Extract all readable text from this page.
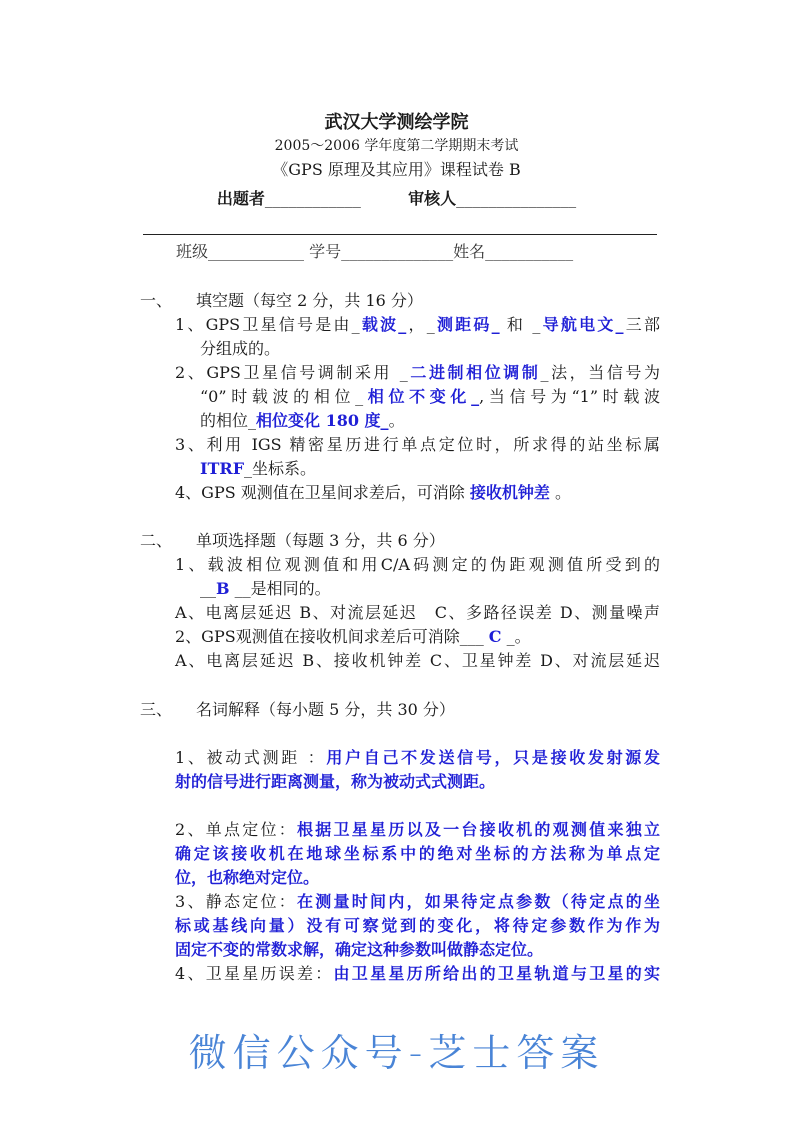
武汉大学测绘学院
2005～2006 学年度第二学期期末考试
《GPS 原理及其应用》课程试卷 B
出题者____________	审核人_______________
班级____________ 学号______________姓名___________
一、　　填空题（每空 2 分，共 16 分）
1、GPS卫星信号是由_载波_，_测距码_ 和 _导航电文_三部
分组成的。
2、GPS卫星信号调制采用 _二进制相位调制_法，当信号为
“0”时载波的相位_相位不变化_,当信号为“1”时载波
的相位_相位变化 180 度_。
3、利用 IGS 精密星历进行单点定位时，所求得的站坐标属
ITRF_坐标系。
4、GPS 观测值在卫星间求差后，可消除 接收机钟差 。
二、　　单项选择题（每题 3 分，共 6 分）
1、载波相位观测值和用C/A码测定的伪距观测值所受到的
__B __是相同的。
A、电离层延迟 B、对流层延迟　C、多路径误差 D、测量噪声
2、GPS观测值在接收机间求差后可消除___ C _。
A、电离层延迟 B、接收机钟差 C、卫星钟差 D、对流层延迟
三、　　名词解释（每小题 5 分，共 30 分）
1、被动式测距 ：用户自己不发送信号，只是接收发射源发
射的信号进行距离测量，称为被动式式测距。
2、单点定位：根据卫星星历以及一台接收机的观测值来独立
确定该接收机在地球坐标系中的绝对坐标的方法称为单点定
位，也称绝对定位。
3、静态定位：在测量时间内，如果待定点参数（待定点的坐
标或基线向量）没有可察觉到的变化，将待定参数作为作为
固定不变的常数求解，确定这种参数叫做静态定位。
4、卫星星历误差：由卫星星历所给出的卫星轨道与卫星的实
微信公众号-芝士答案
